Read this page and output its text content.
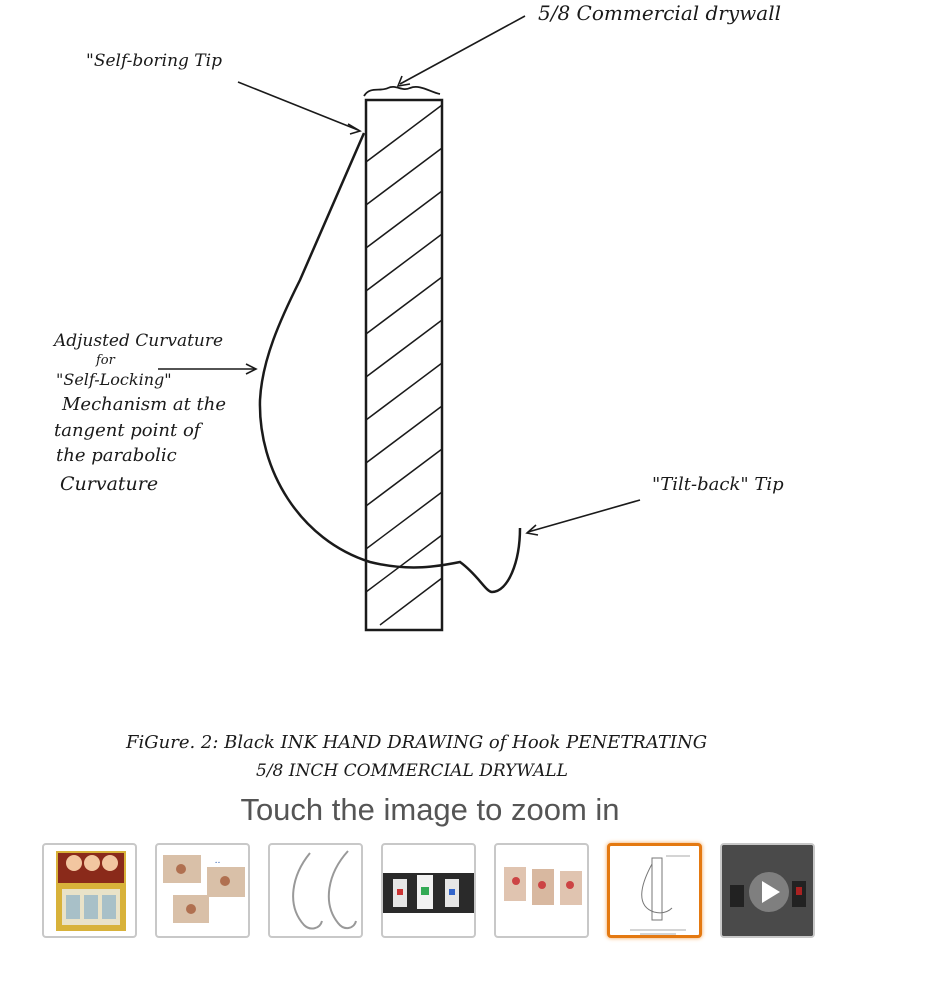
5/8 Commercial drywall
"Self-boring Tip
Adjusted Curvature
for
"Self-Locking"
Mechanism at the
tangent point of
the parabolic
Curvature	"Tilt-back" Tip
FiGure. 2: Black INK HAND DRAWING of Hook PENETRATING
5/8 INCH COMMERCIAL DRYWALL
Touch the image to zoom in
..
